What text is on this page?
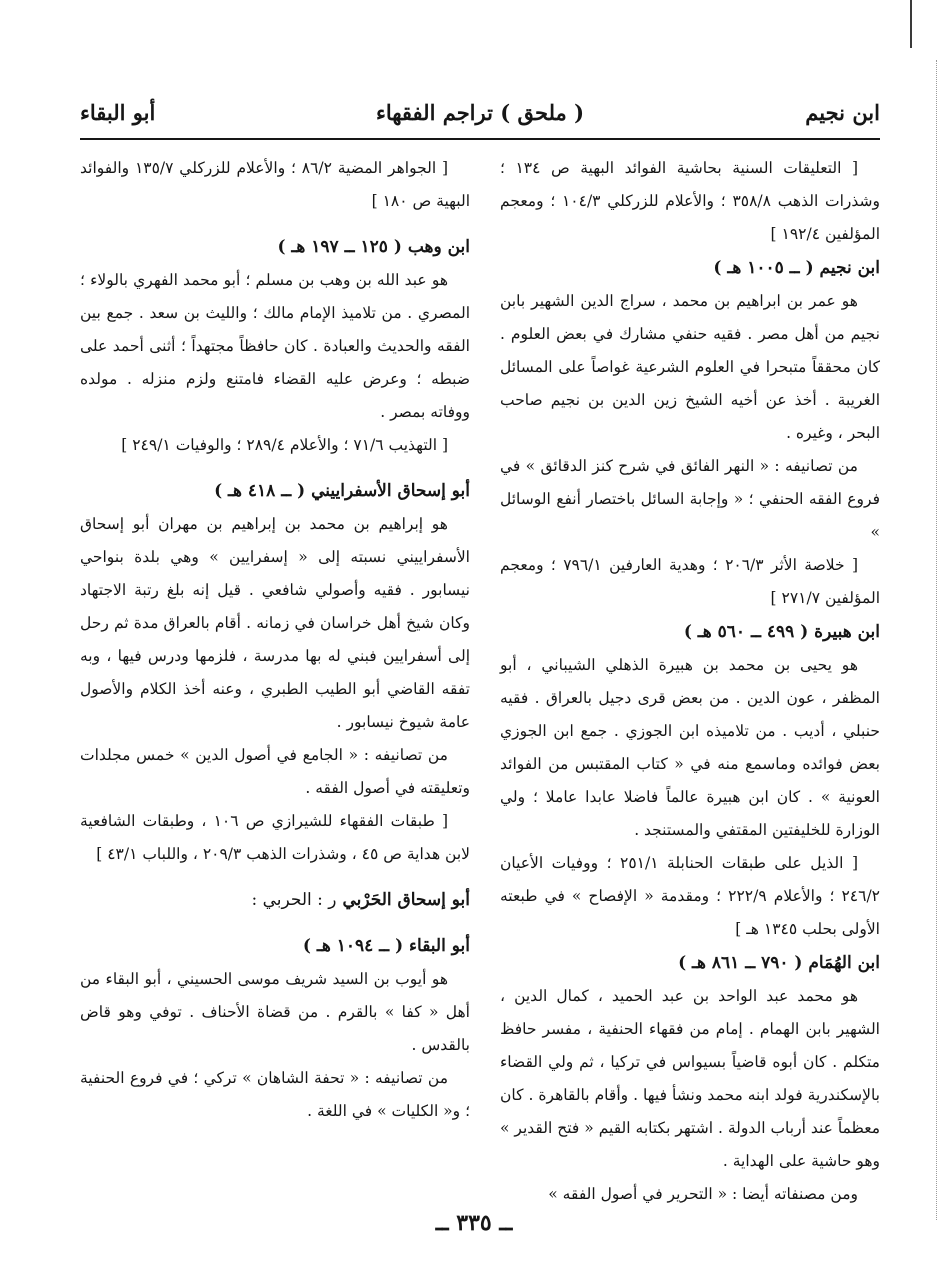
ابن نجيم
( ملحق ) تراجم الفقهاء
أبو البقاء

[ التعليقات السنية بحاشية الفوائد البهية ص ١٣٤ ؛ وشذرات الذهب ٣٥٨/٨ ؛ والأعلام للزركلي ١٠٤/٣ ؛ ومعجم المؤلفين ١٩٢/٤ ]

ابن نجيم ( ــ ١٠٠٥ هـ )

هو عمر بن ابراهيم بن محمد ، سراج الدين الشهير بابن نجيم من أهل مصر . فقيه حنفي مشارك في بعض العلوم . كان محققاً متبحرا في العلوم الشرعية غواصاً على المسائل الغريبة . أخذ عن أخيه الشيخ زين الدين بن نجيم صاحب البحر ، وغيره .

من تصانيفه : « النهر الفائق في شرح كنز الدقائق » في فروع الفقه الحنفي ؛ « وإجابة السائل باختصار أنفع الوسائل »

[ خلاصة الأثر ٢٠٦/٣ ؛ وهدية العارفين ٧٩٦/١ ؛ ومعجم المؤلفين ٢٧١/٧ ]

ابن هبيرة ( ٤٩٩ ــ ٥٦٠ هـ )

هو يحيى بن محمد بن هبيرة الذهلي الشيباني ، أبو المظفر ، عون الدين . من بعض قرى دجيل بالعراق . فقيه حنبلي ، أديب . من تلاميذه ابن الجوزي . جمع ابن الجوزي بعض فوائده وماسمع منه في « كتاب المقتبس من الفوائد العونية » . كان ابن هبيرة عالماً فاضلا عابدا عاملا ؛ ولي الوزارة للخليفتين المقتفي والمستنجد .

[ الذيل على طبقات الحنابلة ٢٥١/١ ؛ ووفيات الأعيان ٢٤٦/٢ ؛ والأعلام ٢٢٢/٩ ؛ ومقدمة « الإفصاح » في طبعته الأولى بحلب ١٣٤٥ هـ ]

ابن الهُمَام ( ٧٩٠ ــ ٨٦١ هـ )

هو محمد عبد الواحد بن عبد الحميد ، كمال الدين ، الشهير بابن الهمام . إمام من فقهاء الحنفية ، مفسر حافظ متكلم . كان أبوه قاضياً بسيواس في تركيا ، ثم ولي القضاء بالإسكندرية فولد ابنه محمد ونشأ فيها . وأقام بالقاهرة . كان معظماً عند أرباب الدولة . اشتهر بكتابه القيم « فتح القدير » وهو حاشية على الهداية .

ومن مصنفاته أيضا : « التحرير في أصول الفقه »

[ الجواهر المضية ٨٦/٢ ؛ والأعلام للزركلي ١٣٥/٧ والفوائد البهية ص ١٨٠ ]

ابن وهب ( ١٢٥ ــ ١٩٧ هـ )

هو عبد الله بن وهب بن مسلم ؛ أبو محمد الفهري بالولاء ؛ المصري . من تلاميذ الإمام مالك ؛ والليث بن سعد . جمع بين الفقه والحديث والعبادة . كان حافظاً مجتهداً ؛ أثنى أحمد على ضبطه ؛ وعرض عليه القضاء فامتنع ولزم منزله . مولده ووفاته بمصر .

[ التهذيب ٧١/٦ ؛ والأعلام ٢٨٩/٤ ؛ والوفيات ٢٤٩/١ ]

أبو إسحاق الأسفراييني ( ــ ٤١٨ هـ )

هو إبراهيم بن محمد بن إبراهيم بن مهران أبو إسحاق الأسفراييني نسبته إلى « إسفرايين » وهي بلدة بنواحي نيسابور . فقيه وأصولي شافعي . قيل إنه بلغ رتبة الاجتهاد وكان شيخ أهل خراسان في زمانه . أقام بالعراق مدة ثم رحل إلى أسفرايين فبني له بها مدرسة ، فلزمها ودرس فيها ، وبه تفقه القاضي أبو الطيب الطبري ، وعنه أخذ الكلام والأصول عامة شيوخ نيسابور .

من تصانيفه : « الجامع في أصول الدين » خمس مجلدات وتعليقته في أصول الفقه .

[ طبقات الفقهاء للشيرازي ص ١٠٦ ، وطبقات الشافعية لابن هداية ص ٤٥ ، وشذرات الذهب ٢٠٩/٣ ، واللباب ٤٣/١ ]

أبو إسحاق الحَرْبي ر : الحربي :

أبو البقاء ( ــ ١٠٩٤ هـ )

هو أيوب بن السيد شريف موسى الحسيني ، أبو البقاء من أهل « كفا » بالقرم . من قضاة الأحناف . توفي وهو قاض بالقدس .

من تصانيفه : « تحفة الشاهان » تركي ؛ في فروع الحنفية ؛ و« الكليات » في اللغة .

ــ ٣٣٥ ــ
